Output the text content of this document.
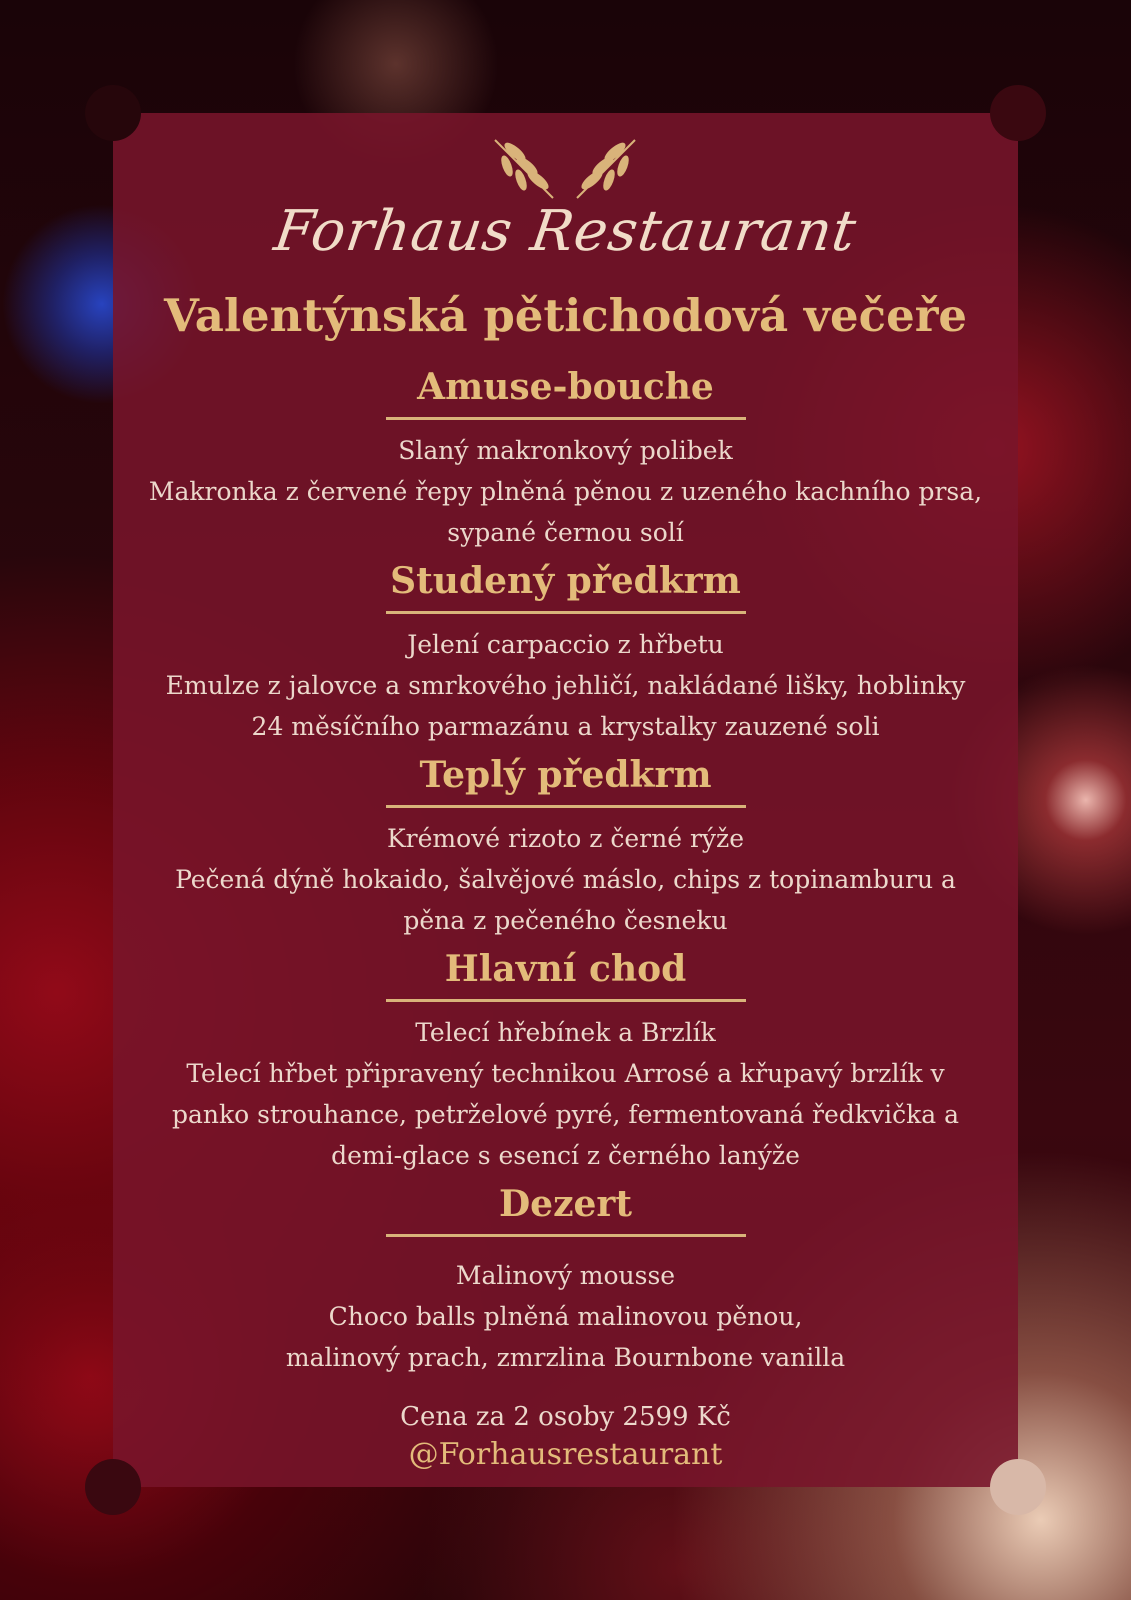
Forhaus Restaurant
Valentýnská pětichodová večeře
Amuse-bouche
Slaný makronkový polibek
Makronka z červené řepy plněná pěnou z uzeného kachního prsa,
sypané černou solí
Studený předkrm
Jelení carpaccio z hřbetu
Emulze z jalovce a smrkového jehličí, nakládané lišky, hoblinky
24 měsíčního parmazánu a krystalky zauzené soli
Teplý předkrm
Krémové rizoto z černé rýže
Pečená dýně hokaido, šalvějové máslo, chips z topinamburu a
pěna z pečeného česneku
Hlavní chod
Telecí hřebínek a Brzlík
Telecí hřbet připravený technikou Arrosé a křupavý brzlík v
panko strouhance, petrželové pyré, fermentovaná ředkvička a
demi-glace s esencí z černého lanýže
Dezert
Malinový mousse
Choco balls plněná malinovou pěnou,
malinový prach, zmrzlina Bournbone vanilla
Cena za 2 osoby 2599 Kč
@Forhausrestaurant
